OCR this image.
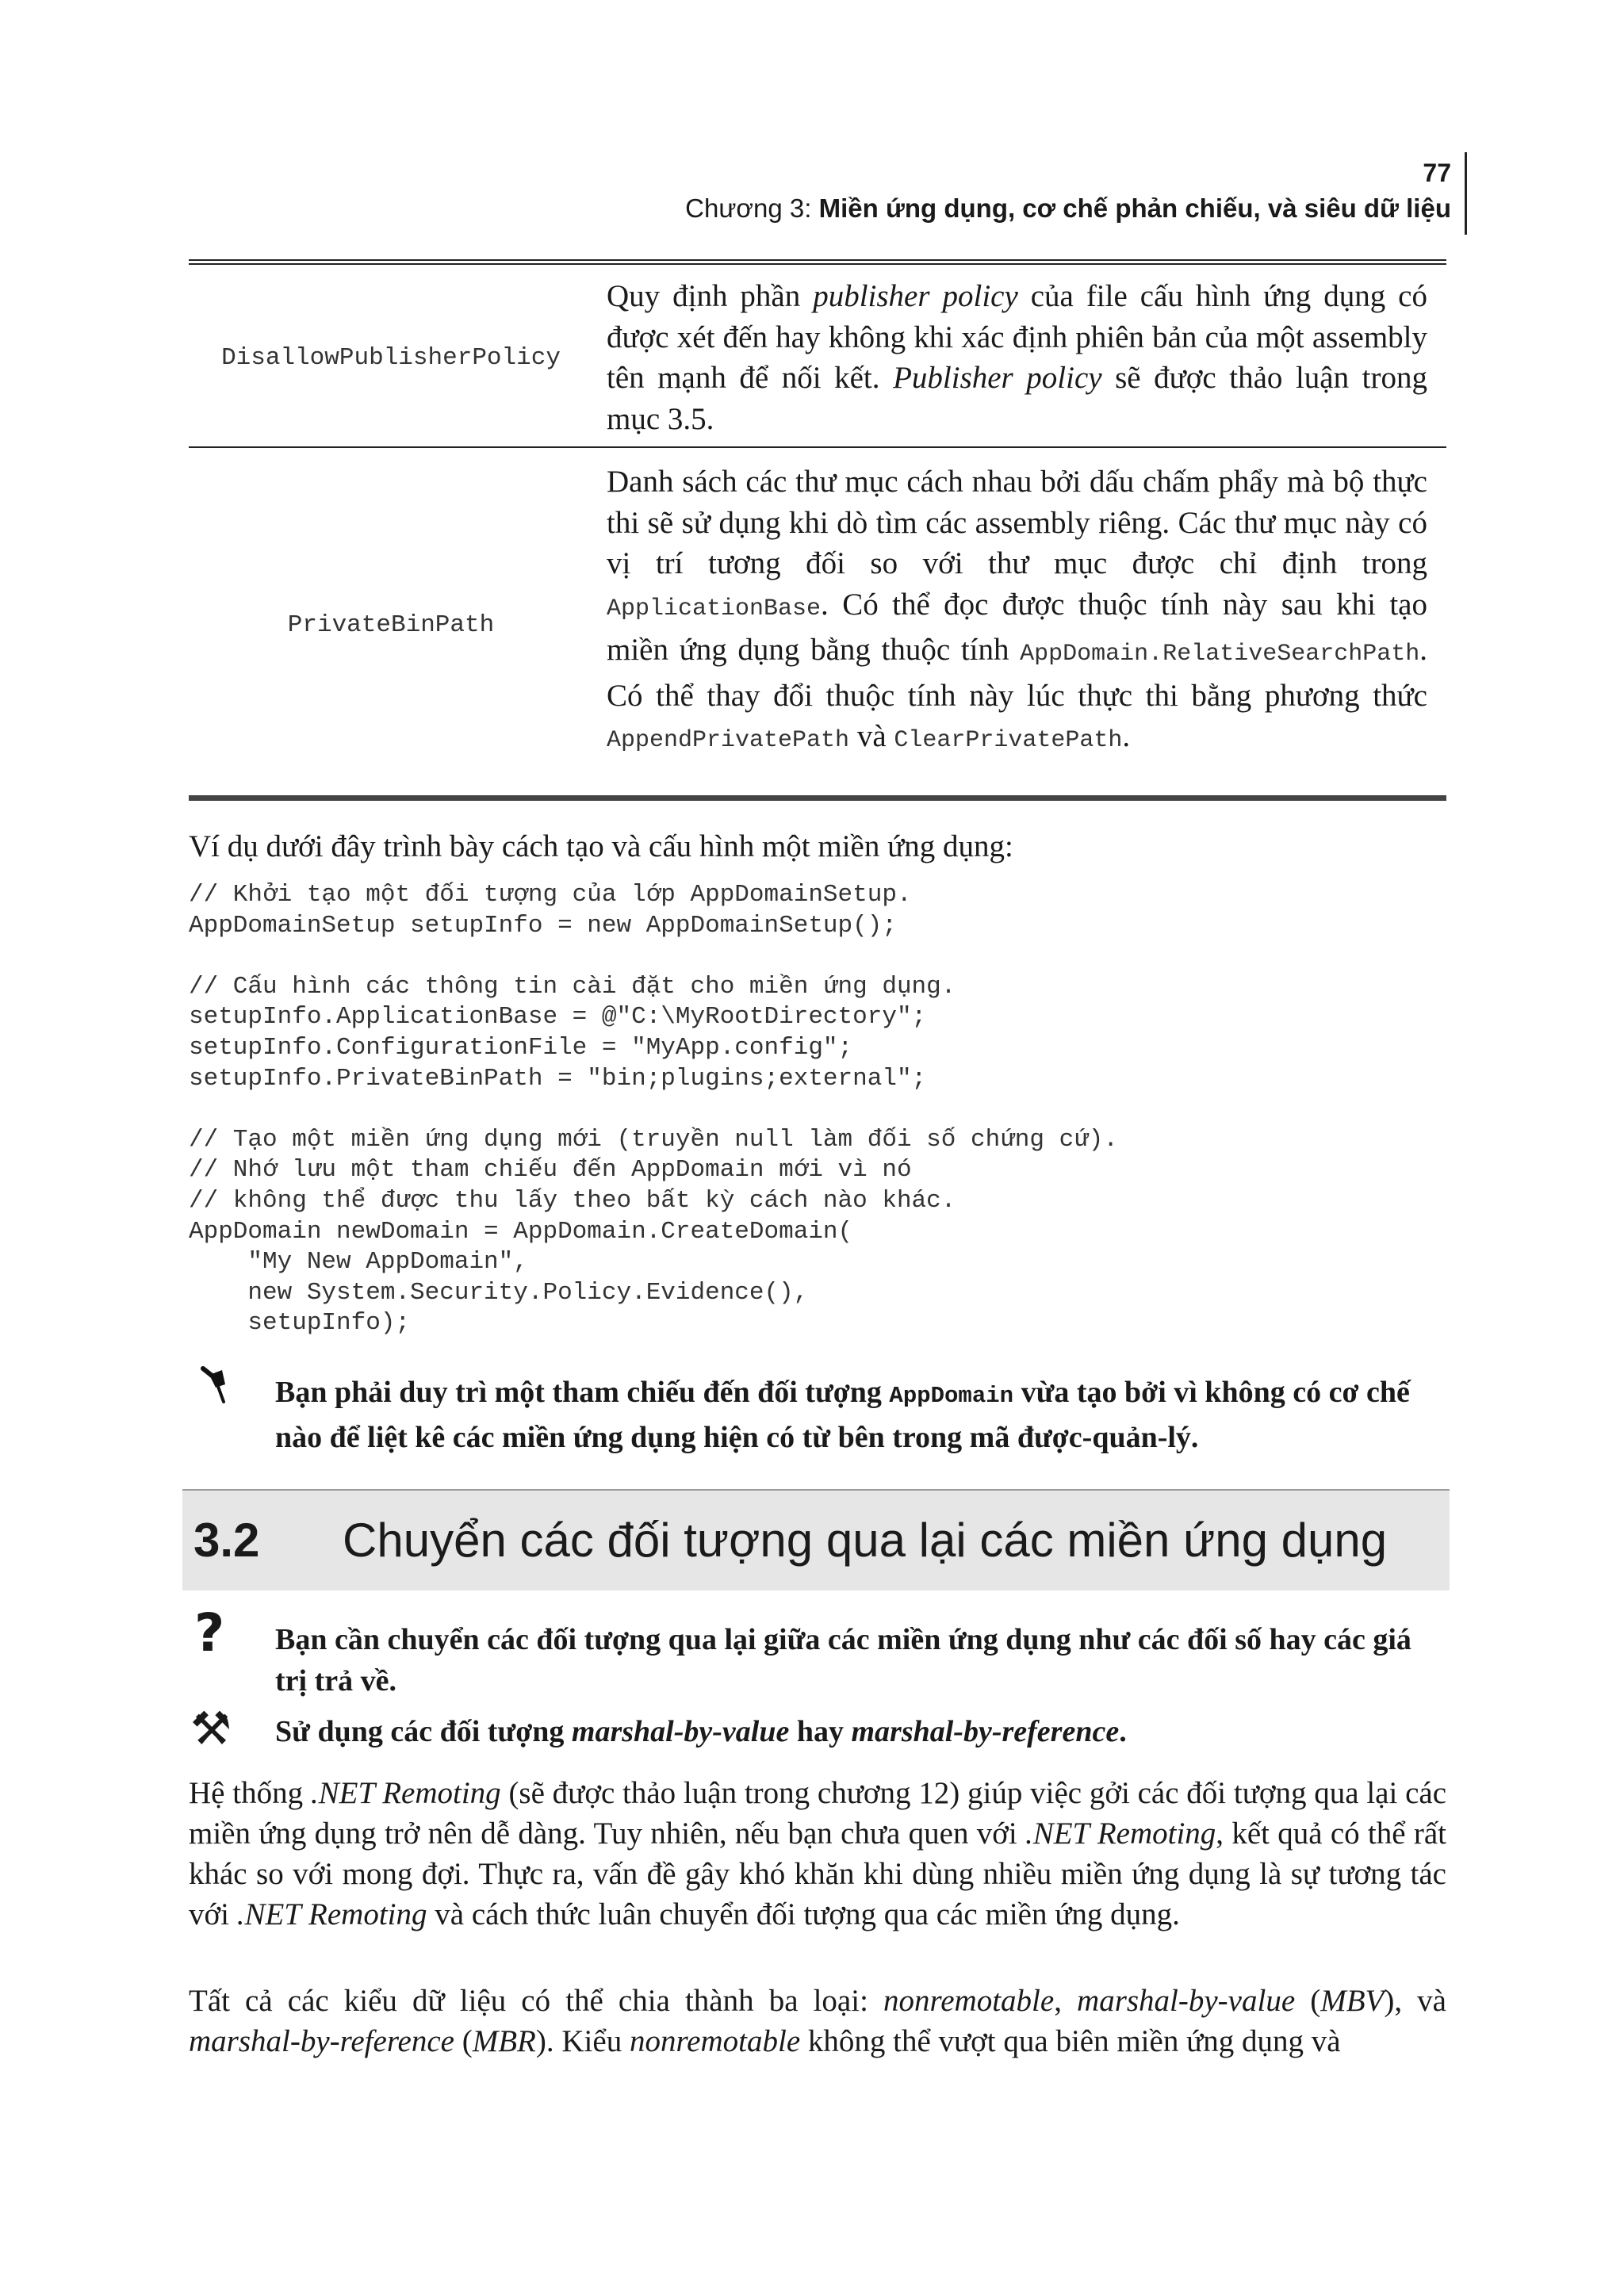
77
Chương 3: Miền ứng dụng, cơ chế phản chiếu, và siêu dữ liệu
DisallowPublisherPolicy
Quy định phần publisher policy của file cấu hình ứng dụng có được xét đến hay không khi xác định phiên bản của một assembly tên mạnh để nối kết. Publisher policy sẽ được thảo luận trong mục 3.5.
PrivateBinPath
Danh sách các thư mục cách nhau bởi dấu chấm phẩy mà bộ thực thi sẽ sử dụng khi dò tìm các assembly riêng. Các thư mục này có vị trí tương đối so với thư mục được chỉ định trong ApplicationBase. Có thể đọc được thuộc tính này sau khi tạo miền ứng dụng bằng thuộc tính AppDomain.RelativeSearchPath. Có thể thay đổi thuộc tính này lúc thực thi bằng phương thức AppendPrivatePath và ClearPrivatePath.
Ví dụ dưới đây trình bày cách tạo và cấu hình một miền ứng dụng:
// Khởi tạo một đối tượng của lớp AppDomainSetup.
AppDomainSetup setupInfo = new AppDomainSetup();

// Cấu hình các thông tin cài đặt cho miền ứng dụng.
setupInfo.ApplicationBase = @"C:\MyRootDirectory";
setupInfo.ConfigurationFile = "MyApp.config";
setupInfo.PrivateBinPath = "bin;plugins;external";

// Tạo một miền ứng dụng mới (truyền null làm đối số chứng cứ).
// Nhớ lưu một tham chiếu đến AppDomain mới vì nó
// không thể được thu lấy theo bất kỳ cách nào khác.
AppDomain newDomain = AppDomain.CreateDomain(
"My New AppDomain",
new System.Security.Policy.Evidence(),
setupInfo);
Bạn phải duy trì một tham chiếu đến đối tượng AppDomain vừa tạo bởi vì không có cơ chế nào để liệt kê các miền ứng dụng hiện có từ bên trong mã được-quản-lý.
3.2 Chuyển các đối tượng qua lại các miền ứng dụng
? Bạn cần chuyển các đối tượng qua lại giữa các miền ứng dụng như các đối số hay các giá trị trả về.
⚒ Sử dụng các đối tượng marshal-by-value hay marshal-by-reference.
Hệ thống .NET Remoting (sẽ được thảo luận trong chương 12) giúp việc gởi các đối tượng qua lại các miền ứng dụng trở nên dễ dàng. Tuy nhiên, nếu bạn chưa quen với .NET Remoting, kết quả có thể rất khác so với mong đợi. Thực ra, vấn đề gây khó khăn khi dùng nhiều miền ứng dụng là sự tương tác với .NET Remoting và cách thức luân chuyển đối tượng qua các miền ứng dụng.
Tất cả các kiểu dữ liệu có thể chia thành ba loại: nonremotable, marshal-by-value (MBV), và marshal-by-reference (MBR). Kiểu nonremotable không thể vượt qua biên miền ứng dụng và
